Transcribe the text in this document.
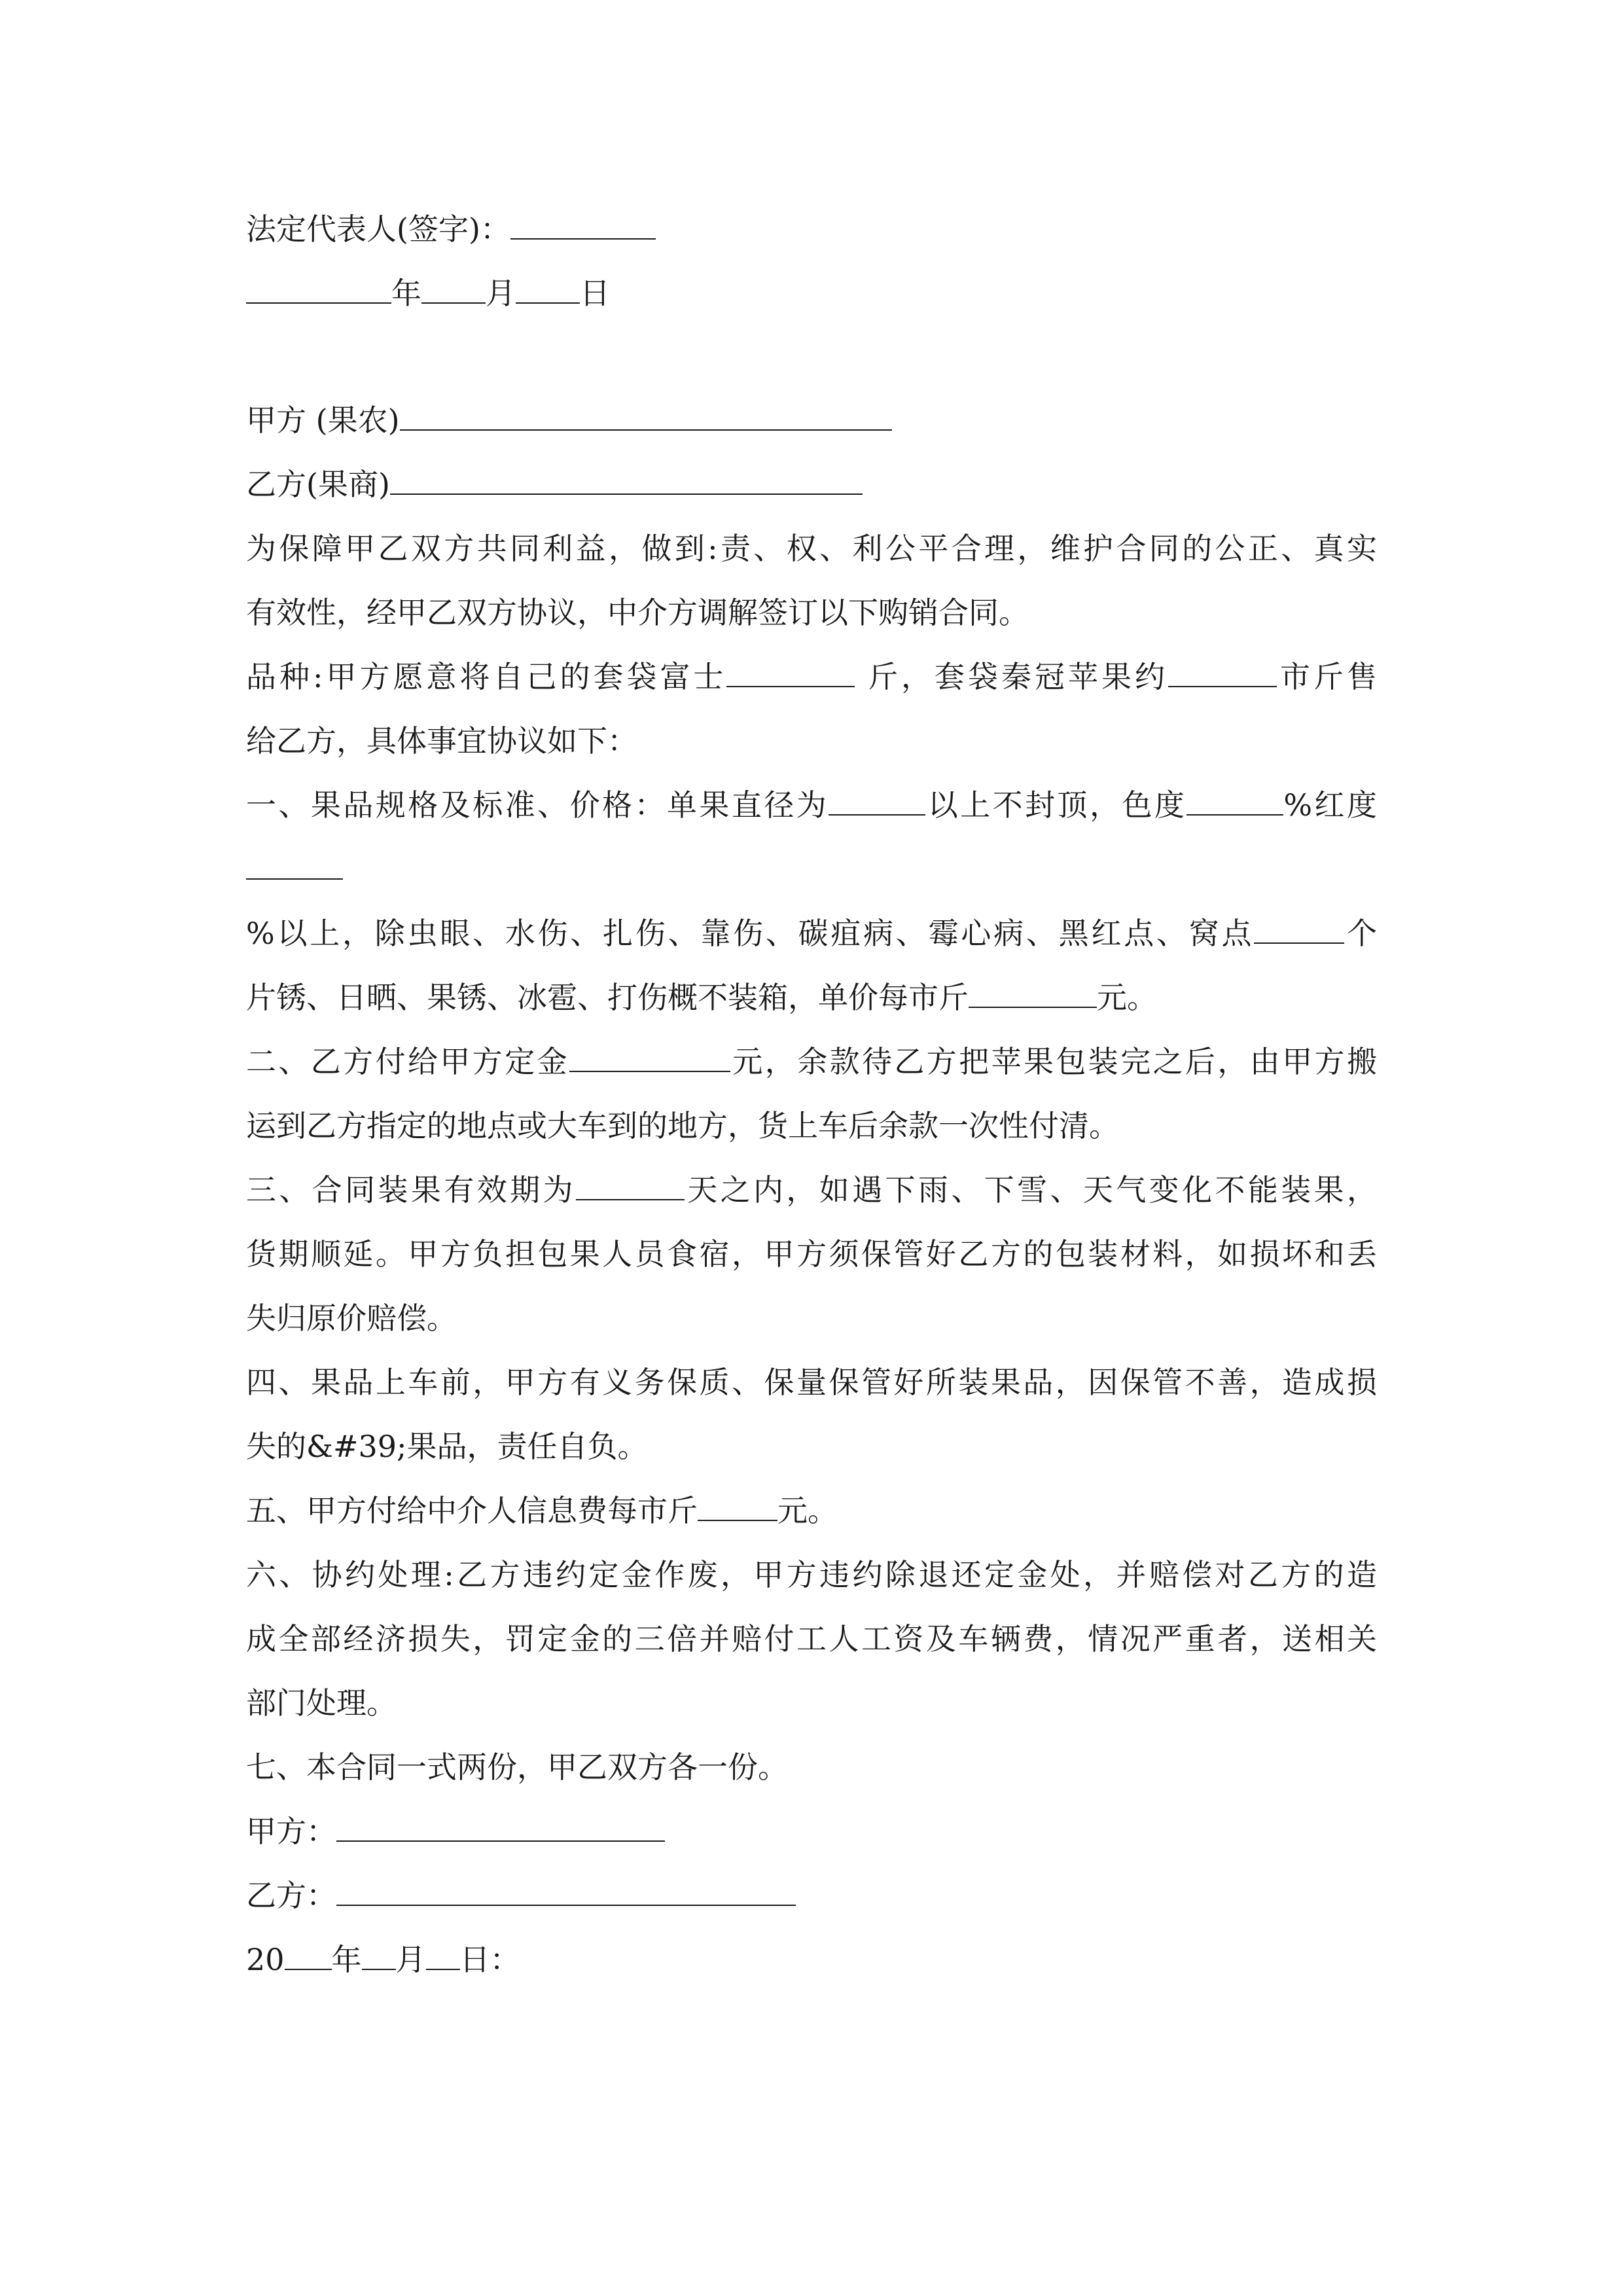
法定代表人(签字)：
年 月 日
甲方 (果农)
乙方(果商)
为保障甲乙双方共同利益，做到:责、权、利公平合理，维护合同的公正、真实
有效性，经甲乙双方协议，中介方调解签订以下购销合同。
品种:甲方愿意将自己的套袋富士	斤，套袋秦冠苹果约	市斤售
给乙方，具体事宜协议如下：
一、果品规格及标准、价格：单果直径为	以上不封顶，色度	%红度
%以上，除虫眼、水伤、扎伤、靠伤、碳疽病、霉心病、黑红点、窝点	个
片锈、日晒、果锈、冰雹、打伤概不装箱，单价每市斤	元。
二、乙方付给甲方定金	元，余款待乙方把苹果包装完之后，由甲方搬
运到乙方指定的地点或大车到的地方，货上车后余款一次性付清。
三、合同装果有效期为	天之内，如遇下雨、下雪、天气变化不能装果，
货期顺延。甲方负担包果人员食宿，甲方须保管好乙方的包装材料，如损坏和丢
失归原价赔偿。
四、果品上车前，甲方有义务保质、保量保管好所装果品，因保管不善，造成损
失的&#39;果品，责任自负。
五、甲方付给中介人信息费每市斤	元。
六、协约处理:乙方违约定金作废，甲方违约除退还定金处，并赔偿对乙方的造
成全部经济损失，罚定金的三倍并赔付工人工资及车辆费，情况严重者，送相关
部门处理。
七、本合同一式两份，甲乙双方各一份。
甲方：
乙方：
20 年 月 日：
